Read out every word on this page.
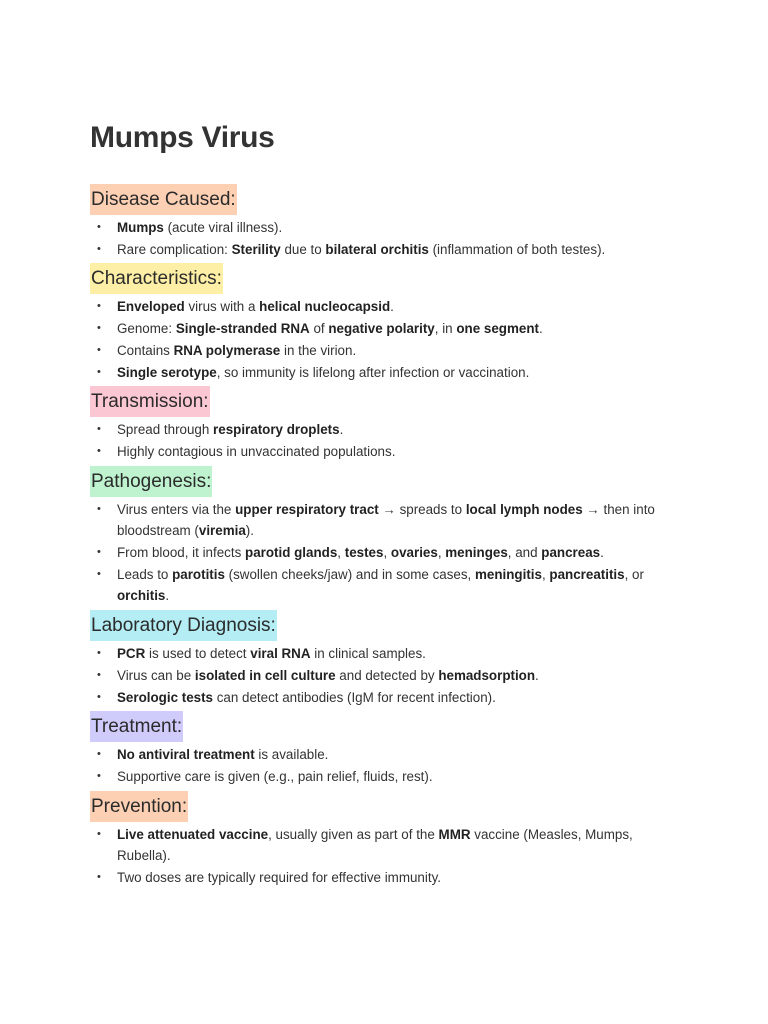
Mumps Virus
Disease Caused:
• Mumps (acute viral illness).
• Rare complication: Sterility due to bilateral orchitis (inflammation of both testes).
Characteristics:
• Enveloped virus with a helical nucleocapsid.
• Genome: Single-stranded RNA of negative polarity, in one segment.
• Contains RNA polymerase in the virion.
• Single serotype, so immunity is lifelong after infection or vaccination.
Transmission:
• Spread through respiratory droplets.
• Highly contagious in unvaccinated populations.
Pathogenesis:
• Virus enters via the upper respiratory tract → spreads to local lymph nodes → then into bloodstream (viremia).
• From blood, it infects parotid glands, testes, ovaries, meninges, and pancreas.
• Leads to parotitis (swollen cheeks/jaw) and in some cases, meningitis, pancreatitis, or orchitis.
Laboratory Diagnosis:
• PCR is used to detect viral RNA in clinical samples.
• Virus can be isolated in cell culture and detected by hemadsorption.
• Serologic tests can detect antibodies (IgM for recent infection).
Treatment:
• No antiviral treatment is available.
• Supportive care is given (e.g., pain relief, fluids, rest).
Prevention:
• Live attenuated vaccine, usually given as part of the MMR vaccine (Measles, Mumps, Rubella).
• Two doses are typically required for effective immunity.
